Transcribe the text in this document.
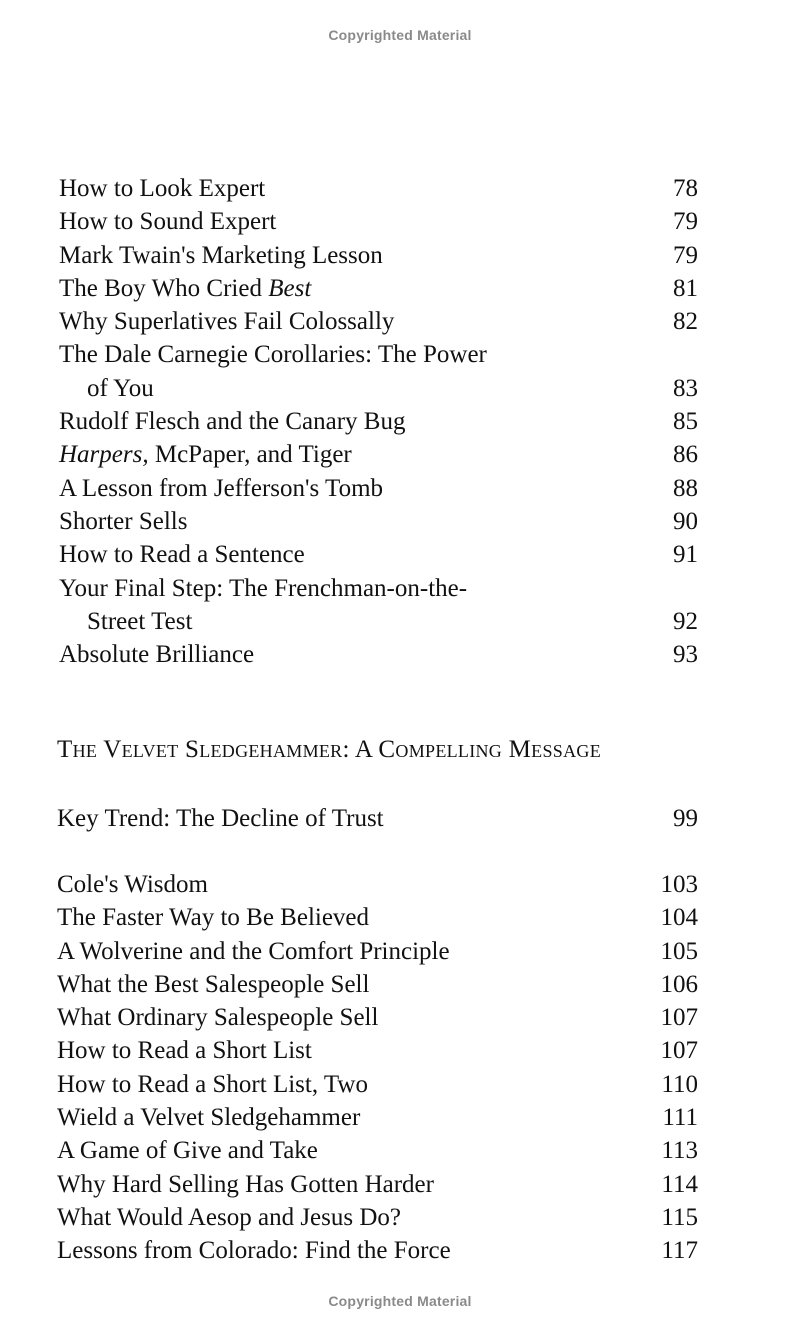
Copyrighted Material
How to Look Expert	78
How to Sound Expert	79
Mark Twain's Marketing Lesson	79
The Boy Who Cried Best	81
Why Superlatives Fail Colossally	82
The Dale Carnegie Corollaries: The Power
of You	83
Rudolf Flesch and the Canary Bug	85
Harpers, McPaper, and Tiger	86
A Lesson from Jefferson's Tomb	88
Shorter Sells	90
How to Read a Sentence	91
Your Final Step: The Frenchman-on-the-
Street Test	92
Absolute Brilliance	93
The Velvet Sledgehammer: A Compelling Message
Key Trend: The Decline of Trust	99
Cole's Wisdom	103
The Faster Way to Be Believed	104
A Wolverine and the Comfort Principle	105
What the Best Salespeople Sell	106
What Ordinary Salespeople Sell	107
How to Read a Short List	107
How to Read a Short List, Two	110
Wield a Velvet Sledgehammer	111
A Game of Give and Take	113
Why Hard Selling Has Gotten Harder	114
What Would Aesop and Jesus Do?	115
Lessons from Colorado: Find the Force	117
Copyrighted Material
